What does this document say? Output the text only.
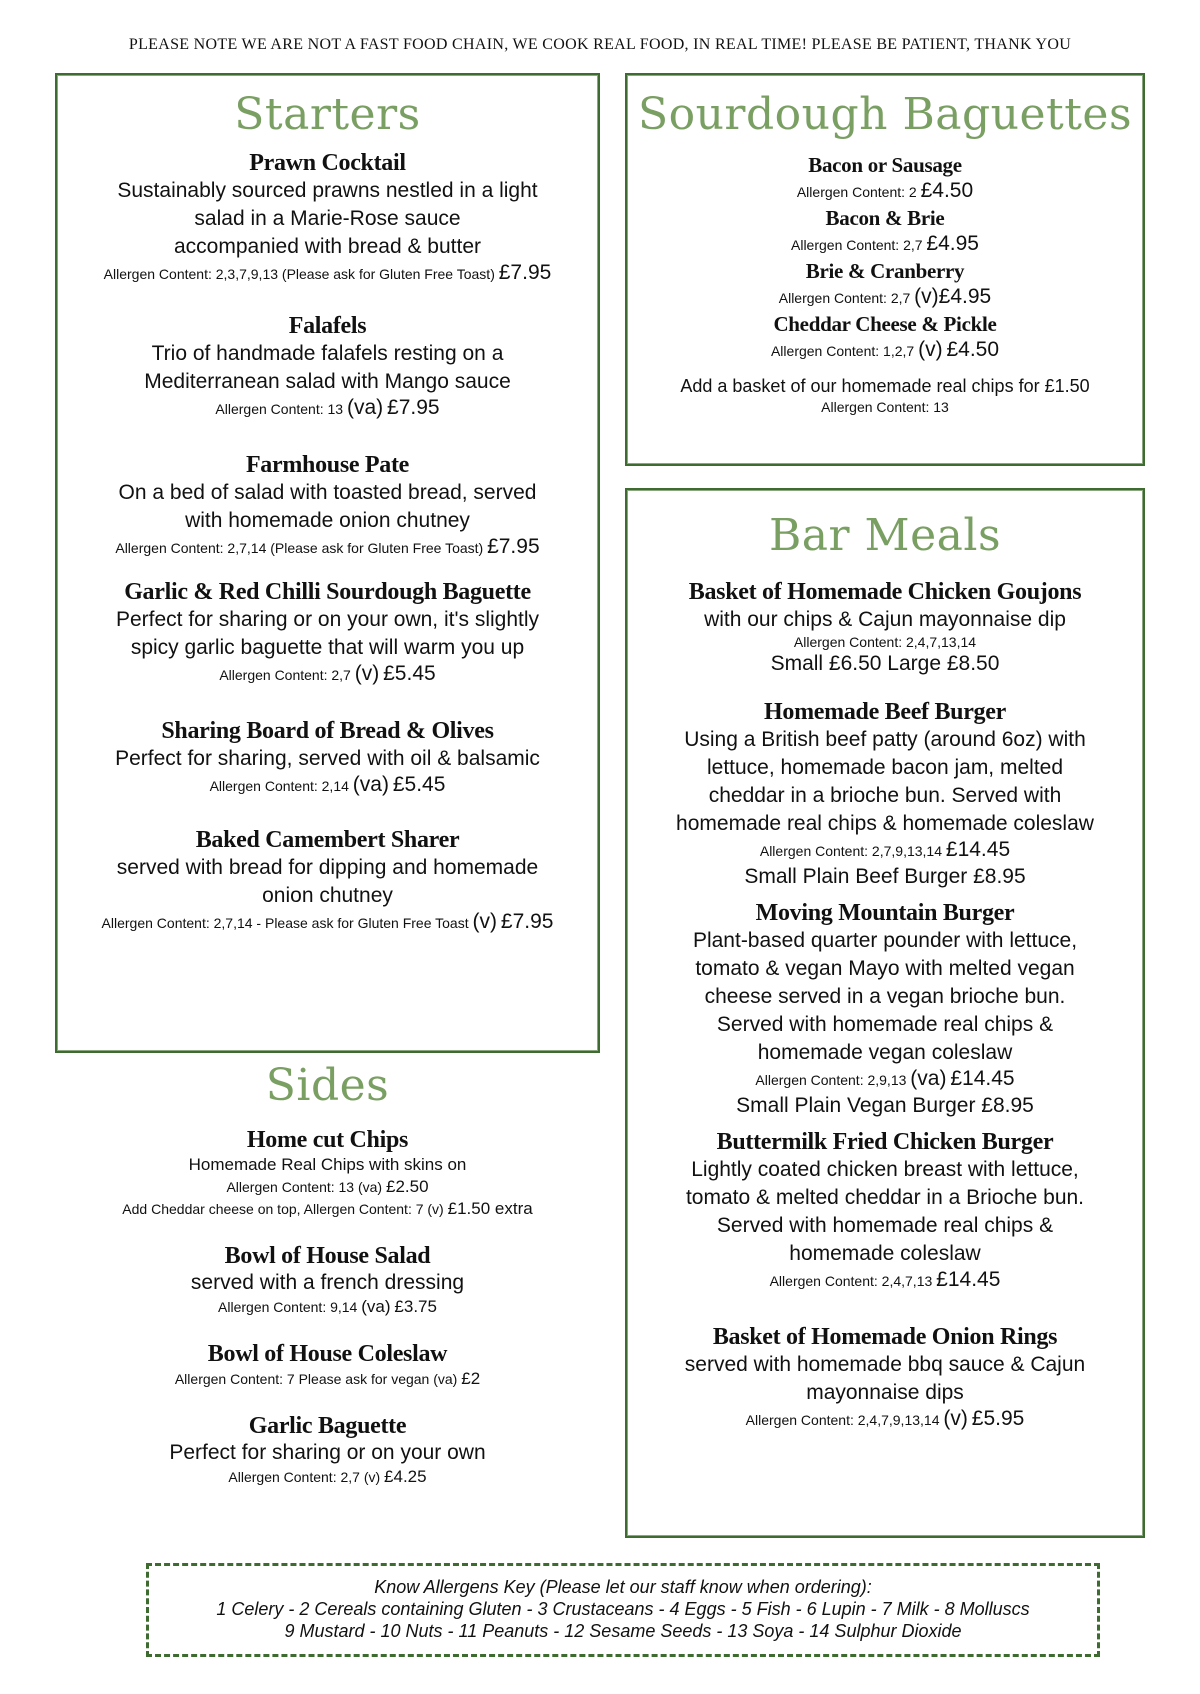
PLEASE NOTE WE ARE NOT A FAST FOOD CHAIN, WE COOK REAL FOOD, IN REAL TIME! PLEASE BE PATIENT, THANK YOU
Starters
Prawn Cocktail
Sustainably sourced prawns nestled in a light
salad in a Marie-Rose sauce
accompanied with bread & butter
Allergen Content: 2,3,7,9,13 (Please ask for Gluten Free Toast) £7.95
Falafels
Trio of handmade falafels resting on a
Mediterranean salad with Mango sauce
Allergen Content: 13 (va) £7.95
Farmhouse Pate
On a bed of salad with toasted bread, served
with homemade onion chutney
Allergen Content: 2,7,14 (Please ask for Gluten Free Toast) £7.95
Garlic & Red Chilli Sourdough Baguette
Perfect for sharing or on your own, it's slightly
spicy garlic baguette that will warm you up
Allergen Content: 2,7 (v) £5.45
Sharing Board of Bread & Olives
Perfect for sharing, served with oil & balsamic
Allergen Content: 2,14 (va) £5.45
Baked Camembert Sharer
served with bread for dipping and homemade
onion chutney
Allergen Content: 2,7,14 - Please ask for Gluten Free Toast (v) £7.95
Sourdough Baguettes
Bacon or Sausage
Allergen Content: 2 £4.50
Bacon & Brie
Allergen Content: 2,7 £4.95
Brie & Cranberry
Allergen Content: 2,7 (v)£4.95
Cheddar Cheese & Pickle
Allergen Content: 1,2,7 (v) £4.50
Add a basket of our homemade real chips for £1.50
Allergen Content: 13
Bar Meals
Basket of Homemade Chicken Goujons
with our chips & Cajun mayonnaise dip
Allergen Content: 2,4,7,13,14
Small £6.50 Large £8.50
Homemade Beef Burger
Using a British beef patty (around 6oz) with
lettuce, homemade bacon jam, melted
cheddar in a brioche bun. Served with
homemade real chips & homemade coleslaw
Allergen Content: 2,7,9,13,14 £14.45
Small Plain Beef Burger £8.95
Moving Mountain Burger
Plant-based quarter pounder with lettuce,
tomato & vegan Mayo with melted vegan
cheese served in a vegan brioche bun.
Served with homemade real chips &
homemade vegan coleslaw
Allergen Content: 2,9,13 (va) £14.45
Small Plain Vegan Burger £8.95
Buttermilk Fried Chicken Burger
Lightly coated chicken breast with lettuce,
tomato & melted cheddar in a Brioche bun.
Served with homemade real chips &
homemade coleslaw
Allergen Content: 2,4,7,13 £14.45
Basket of Homemade Onion Rings
served with homemade bbq sauce & Cajun
mayonnaise dips
Allergen Content: 2,4,7,9,13,14 (v) £5.95
Sides
Home cut Chips
Homemade Real Chips with skins on
Allergen Content: 13 (va) £2.50
Add Cheddar cheese on top, Allergen Content: 7 (v) £1.50 extra
Bowl of House Salad
served with a french dressing
Allergen Content: 9,14 (va) £3.75
Bowl of House Coleslaw
Allergen Content: 7 Please ask for vegan (va) £2
Garlic Baguette
Perfect for sharing or on your own
Allergen Content: 2,7 (v) £4.25
Know Allergens Key (Please let our staff know when ordering):
1 Celery - 2 Cereals containing Gluten - 3 Crustaceans - 4 Eggs - 5 Fish - 6 Lupin - 7 Milk - 8 Molluscs
9 Mustard - 10 Nuts - 11 Peanuts - 12 Sesame Seeds - 13 Soya - 14 Sulphur Dioxide
